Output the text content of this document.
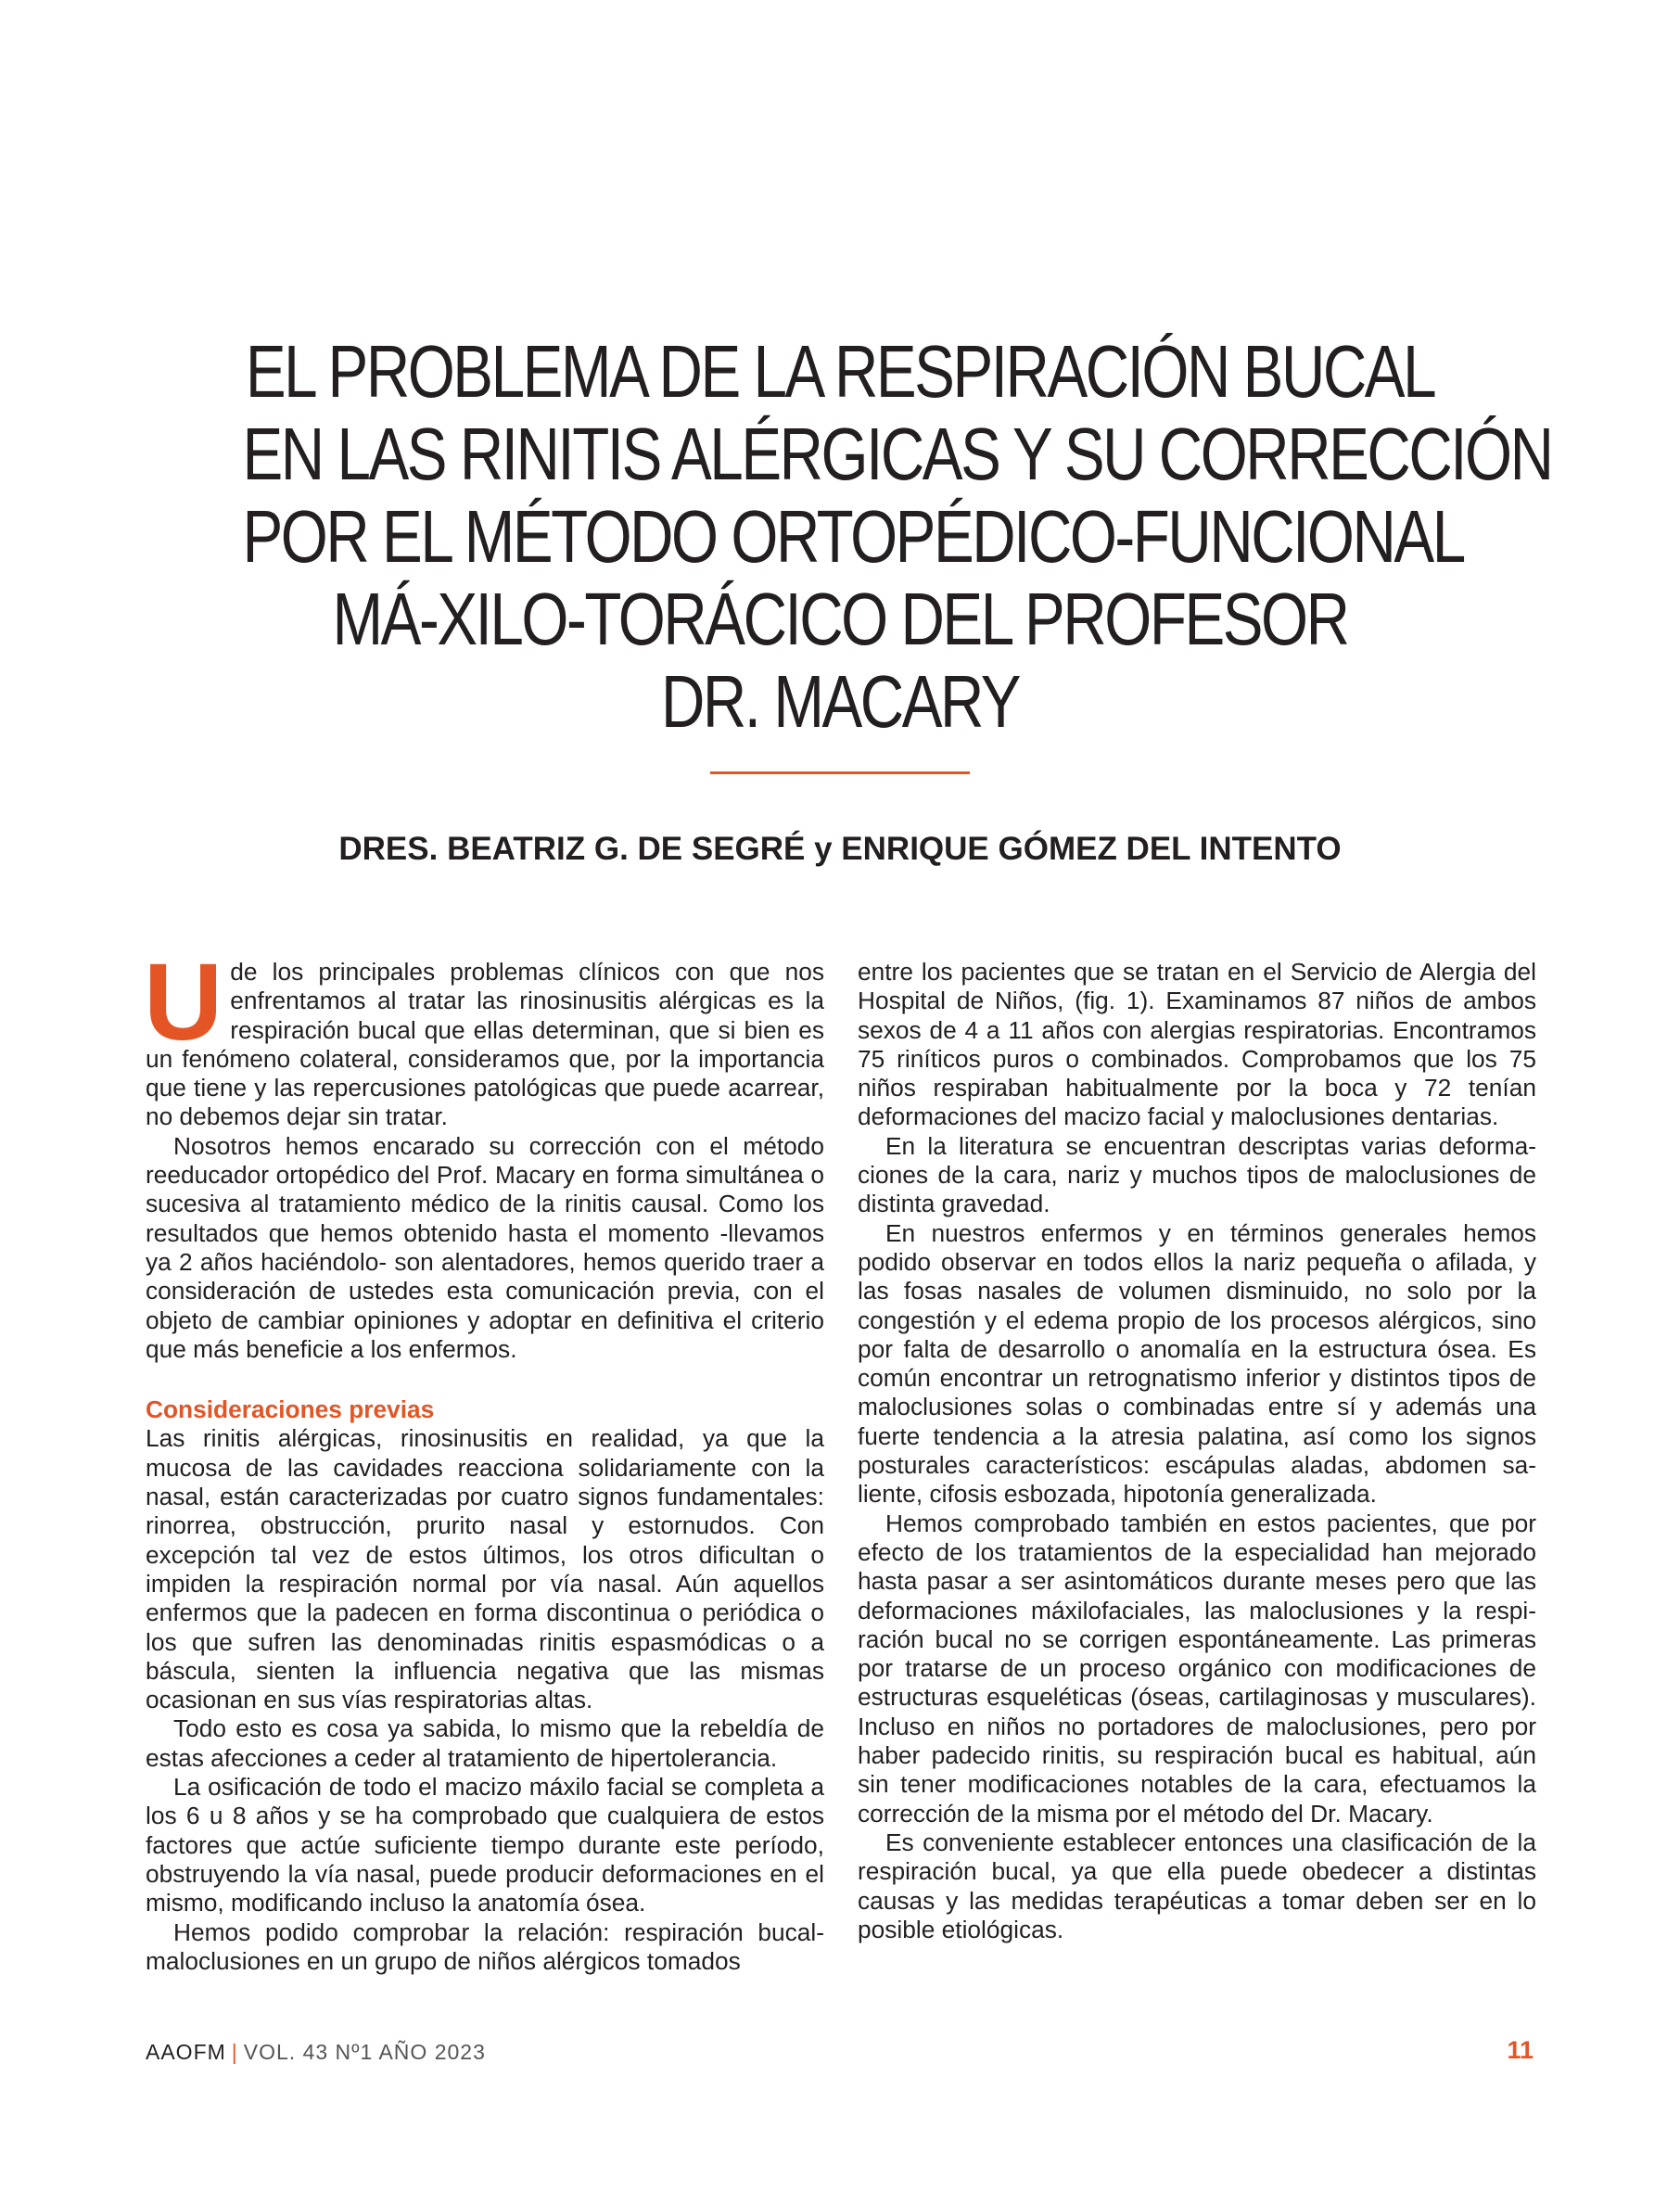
EL PROBLEMA DE LA RESPIRACIÓN BUCAL
EN LAS RINITIS ALÉRGICAS Y SU CORRECCIÓN
POR EL MÉTODO ORTOPÉDICO-FUNCIONAL
MÁ-XILO-TORÁCICO DEL PROFESOR
DR. MACARY
DRES. BEATRIZ G. DE SEGRÉ y ENRIQUE GÓMEZ DEL INTENTO

Ude los principales problemas clínicos con que nos enfrentamos al tratar las rinosinusitis alérgicas es la respiración bucal que ellas determinan, que si bien es un fenómeno colateral, consideramos que, por la importancia que tiene y las repercusiones patológicas que puede acarrear, no debemos dejar sin tratar.

Nosotros hemos encarado su corrección con el método reeducador ortopédico del Prof. Macary en forma simultánea o sucesiva al tratamiento médico de la rinitis causal. Como los resultados que hemos obtenido hasta el momento -llevamos ya 2 años haciéndolo- son alentadores, hemos querido traer a consideración de ustedes esta comunicación previa, con el objeto de cambiar opiniones y adoptar en definitiva el criterio que más beneficie a los enfermos.

Consideraciones previas

Las rinitis alérgicas, rinosinusitis en realidad, ya que la mucosa de las cavidades reacciona solidariamente con la nasal, están caracterizadas por cuatro signos fundamentales: rinorrea, obstrucción, prurito nasal y estornudos. Con excepción tal vez de estos últimos, los otros dificultan o impiden la respiración normal por vía nasal. Aún aquellos enfermos que la padecen en forma discontinua o periódica o los que sufren las denominadas rinitis espasmódicas o a báscula, sienten la influencia negativa que las mismas ocasionan en sus vías respiratorias altas.

Todo esto es cosa ya sabida, lo mismo que la rebeldía de estas afecciones a ceder al tratamiento de hipertolerancia.

La osificación de todo el macizo máxilo facial se completa a los 6 u 8 años y se ha comprobado que cualquiera de estos factores que actúe suficiente tiempo durante este período, obstruyendo la vía nasal, puede producir deformaciones en el mismo, modificando incluso la anatomía ósea.

Hemos podido comprobar la relación: respiración bucal-maloclusiones en un grupo de niños alérgicos tomados

entre los pacientes que se tratan en el Servicio de Alergia del Hospital de Niños, (fig. 1). Examinamos 87 niños de ambos sexos de 4 a 11 años con alergias respiratorias. Encontramos 75 riníticos puros o combinados. Comprobamos que los 75 niños respiraban habitualmente por la boca y 72 tenían deformaciones del macizo facial y maloclusiones dentarias.

En la literatura se encuentran descriptas varias deformaciones de la cara, nariz y muchos tipos de maloclusiones de distinta gravedad.

En nuestros enfermos y en términos generales hemos podido observar en todos ellos la nariz pequeña o afilada, y las fosas nasales de volumen disminuido, no solo por la congestión y el edema propio de los procesos alérgicos, sino por falta de desarrollo o anomalía en la estructura ósea. Es común encontrar un retrognatismo inferior y distintos tipos de maloclusiones solas o combinadas entre sí y además una fuerte tendencia a la atresia palatina, así como los signos posturales característicos: escápulas aladas, abdomen saliente, cifosis esbozada, hipotonía generalizada.

Hemos comprobado también en estos pacientes, que por efecto de los tratamientos de la especialidad han mejorado hasta pasar a ser asintomáticos durante meses pero que las deformaciones máxilofaciales, las maloclusiones y la respiración bucal no se corrigen espontáneamente. Las primeras por tratarse de un proceso orgánico con modificaciones de estructuras esqueléticas (óseas, cartilaginosas y musculares). Incluso en niños no portadores de maloclusiones, pero por haber padecido rinitis, su respiración bucal es habitual, aún sin tener modificaciones notables de la cara, efectuamos la corrección de la misma por el método del Dr. Macary.

Es conveniente establecer entonces una clasificación de la respiración bucal, ya que ella puede obedecer a distintas causas y las medidas terapéuticas a tomar deben ser en lo posible etiológicas.

AAOFM | VOL. 43 Nº1 AÑO 2023	11
